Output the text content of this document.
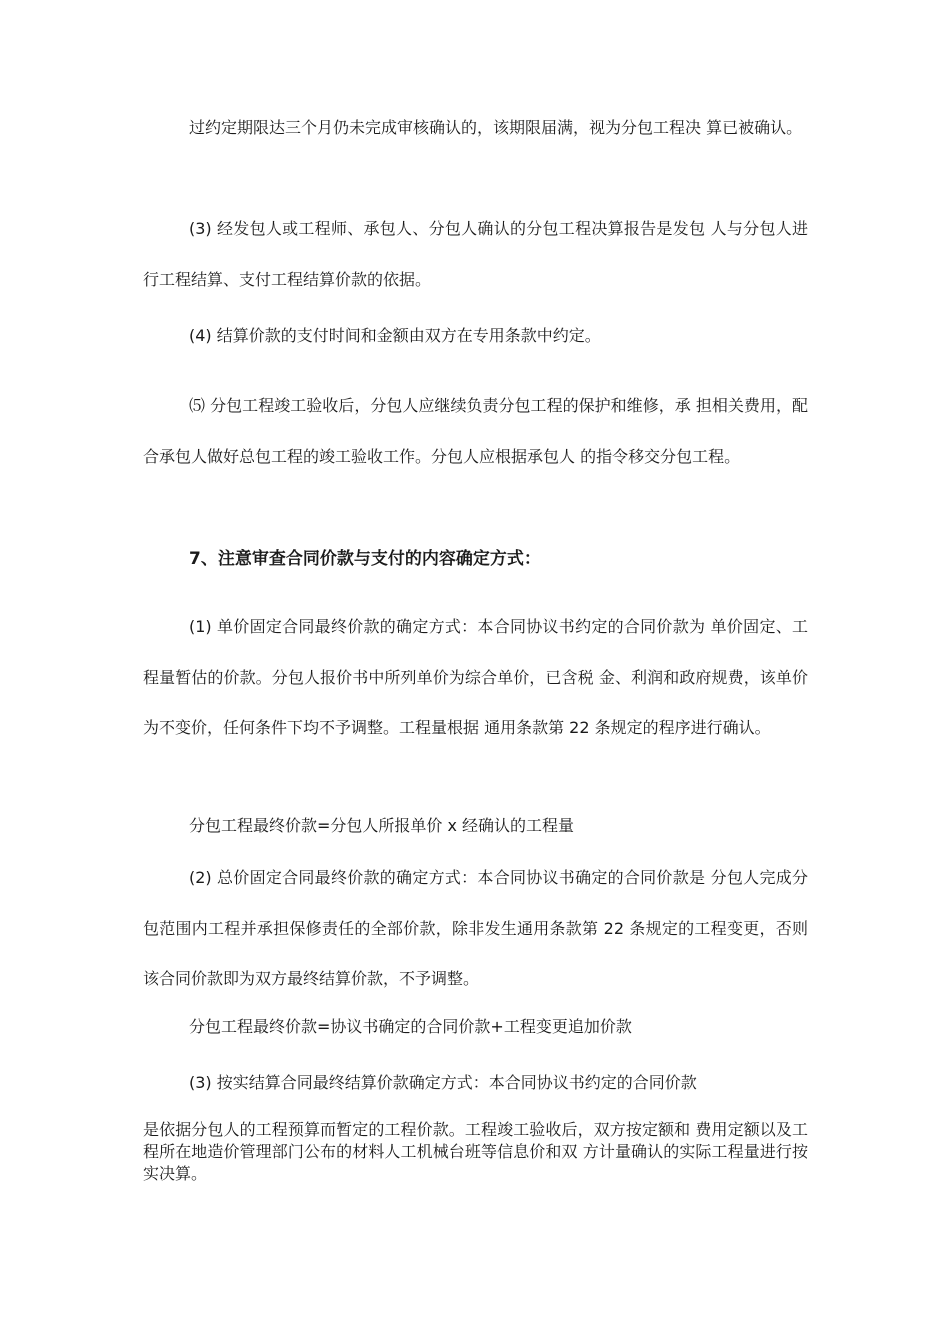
过约定期限达三个月仍未完成审核确认的，该期限届满，视为分包工程决 算已被确认。

(3) 经发包人或工程师、承包人、分包人确认的分包工程决算报告是发包 人与分包人进行工程结算、支付工程结算价款的依据。

(4) 结算价款的支付时间和金额由双方在专用条款中约定。

⑸ 分包工程竣工验收后，分包人应继续负责分包工程的保护和维修，承 担相关费用，配合承包人做好总包工程的竣工验收工作。分包人应根据承包人 的指令移交分包工程。

7、注意审查合同价款与支付的内容确定方式：

(1) 单价固定合同最终价款的确定方式：本合同协议书约定的合同价款为 单价固定、工程量暂估的价款。分包人报价书中所列单价为综合单价，已含税 金、利润和政府规费，该单价为不变价，任何条件下均不予调整。工程量根据 通用条款第 22 条规定的程序进行确认。

分包工程最终价款=分包人所报单价 x 经确认的工程量

(2) 总价固定合同最终价款的确定方式：本合同协议书确定的合同价款是 分包人完成分包范围内工程并承担保修责任的全部价款，除非发生通用条款第 22 条规定的工程变更，否则该合同价款即为双方最终结算价款，不予调整。

分包工程最终价款=协议书确定的合同价款+工程变更追加价款

(3) 按实结算合同最终结算价款确定方式：本合同协议书约定的合同价款

是依据分包人的工程预算而暂定的工程价款。工程竣工验收后，双方按定额和 费用定额以及工程所在地造价管理部门公布的材料人工机械台班等信息价和双 方计量确认的实际工程量进行按实决算。
